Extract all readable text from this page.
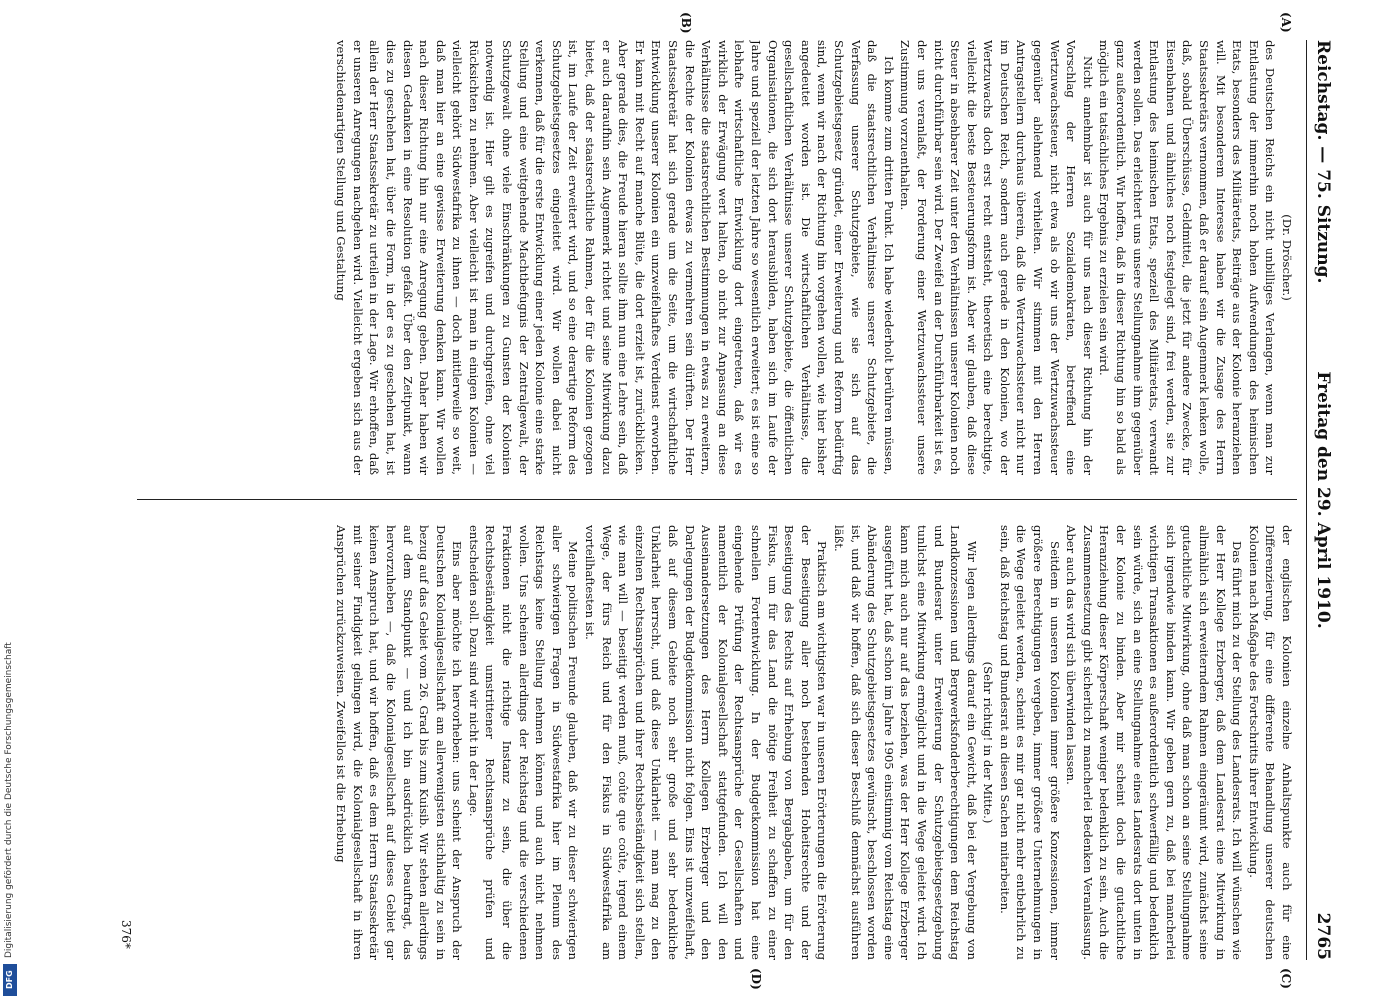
Reichstag. — 75. Sitzung.
Freitag den 29. April 1910.
2765
(A)
(B)
(C)
(D)

(Dr. Dröscher.)

des Deutschen Reichs ein nicht unbilliges Verlangen, wenn man zur Entlastung der immerhin noch hohen Aufwendungen des heimischen Etats, besonders des Militäretats, Beiträge aus der Kolonie heranziehen will. Mit besonderem Interesse haben wir die Zusage des Herrn Staatssekretärs vernommen, daß er darauf sein Augenmerk lenken wolle, daß, sobald Überschüsse, Geldmittel, die jetzt für andere Zwecke, für Eisenbahnen und ähnliches noch festgelegt sind, frei werden, sie zur Entlastung des heimischen Etats, speziell des Militäretats, verwandt werden sollen. Das erleichtert uns unsere Stellungnahme ihm gegenüber ganz außerordentlich. Wir hoffen, daß in dieser Richtung hin so bald als möglich ein tatsächliches Ergebnis zu erzielen sein wird.

Nicht annehmbar ist auch für uns nach dieser Richtung hin der Vorschlag der Herren Sozialdemokraten, betreffend eine Wertzuwachssteuer, nicht etwa als ob wir uns der Wertzuwachssteuer gegenüber ablehnend verhielten. Wir stimmen mit den Herren Antragstellern durchaus überein, daß die Wertzuwachssteuer nicht nur im Deutschen Reich, sondern auch gerade in den Kolonien, wo der Wertzuwachs doch erst recht entsteht, theoretisch eine berechtigte, vielleicht die beste Besteuerungsform ist. Aber wir glauben, daß diese Steuer in absehbarer Zeit unter den Verhältnissen unserer Kolonien noch nicht durchführbar sein wird. Der Zweifel an der Durchführbarkeit ist es, der uns veranlaßt, der Forderung einer Wertzuwachssteuer unsere Zustimmung vorzuenthalten.

Ich komme zum dritten Punkt. Ich habe wiederholt berühren müssen, daß die staatsrechtlichen Verhältnisse unserer Schutzgebiete, die Verfassung unserer Schutzgebiete, wie sie sich auf das Schutzgebietsgesetz gründet, einer Erweiterung und Reform bedürftig sind, wenn wir nach der Richtung hin vorgehen wollen, wie hier bisher angedeutet worden ist. Die wirtschaftlichen Verhältnisse, die gesellschaftlichen Verhältnisse unserer Schutzgebiete, die öffentlichen Organisationen, die sich dort herausbilden, haben sich im Laufe der Jahre und speziell der letzten Jahre so wesentlich erweitert; es ist eine so lebhafte wirtschaftliche Entwicklung dort eingetreten, daß wir es wirklich der Erwägung wert halten, ob nicht zur Anpassung an diese Verhältnisse die staatsrechtlichen Bestimmungen in etwas zu erweitern, die Rechte der Kolonien etwas zu vermehren sein dürften. Der Herr Staatssekretär hat sich gerade um die Seite, um die wirtschaftliche Entwicklung unserer Kolonien ein unzweifelhaftes Verdienst erworben. Er kann mit Recht auf manche Blüte, die dort erzielt ist, zurückblicken. Aber gerade dies, die Freude hieran sollte ihm nun eine Lehre sein, daß er auch daraufhin sein Augenmerk richtet und seine Mitwirkung dazu bietet, daß der staatsrechtliche Rahmen, der für die Kolonien gezogen ist, im Laufe der Zeit erweitert wird, und so eine derartige Reform des Schutzgebietsgesetzes eingeleitet wird. Wir wollen dabei nicht verkennen, daß für die erste Entwicklung einer jeden Kolonie eine starke Stellung und eine weitgehende Machtbefugnis der Zentralgewalt, der Schutzgewalt ohne viele Einschränkungen zu Gunsten der Kolonien notwendig ist. Hier gilt es zugreifen und durchgreifen, ohne viel Rücksichten zu nehmen. Aber vielleicht ist man in einigen Kolonien — vielleicht gehört Südwestafrika zu ihnen — doch mittlerweile so weit, daß man hier an eine gewisse Erweiterung denken kann. Wir wollen nach dieser Richtung hin nur eine Anregung geben. Daher haben wir diesen Gedanken in eine Resolution gefaßt. Über den Zeitpunkt, wann dies zu geschehen hat, über die Form, in der es zu geschehen hat, ist allein der Herr Staatssekretär zu urteilen in der Lage. Wir erhoffen, daß er unseren Anregungen nachgehen wird. Vielleicht ergeben sich aus der verschiedenartigen Stellung und Gestaltung

der englischen Kolonien einzelne Anhaltspunkte auch für eine Differenzierung, für eine differente Behandlung unserer deutschen Kolonien nach Maßgabe des Fortschritts ihrer Entwicklung.

Das führt mich zu der Stellung des Landesrats. Ich will wünschen wie der Herr Kollege Erzberger, daß dem Landesrat eine Mitwirkung in allmählich sich erweiterndem Rahmen eingeräumt wird, zunächst seine gutachtliche Mitwirkung, ohne daß man schon an seine Stellungnahme sich irgendwie binden kann. Wir geben gern zu, daß bei mancherlei wichtigen Transaktionen es außerordentlich schwerfällig und bedenklich sein würde, sich an eine Stellungnahme eines Landesrats dort unten in der Kolonie zu binden. Aber mir scheint doch die gutachtliche Heranziehung dieser Körperschaft weniger bedenklich zu sein. Auch die Zusammensetzung gibt sicherlich zu mancherlei Bedenken Veranlassung. Aber auch das wird sich überwinden lassen.

Seitdem in unseren Kolonien immer größere Konzessionen, immer größere Berechtigungen vergeben, immer größere Unternehmungen in die Wege geleitet werden, scheint es mir gar nicht mehr entbehrlich zu sein, daß Reichstag und Bundesrat an diesen Sachen mitarbeiten.

(Sehr richtig! in der Mitte.)

Wir legen allerdings darauf ein Gewicht, daß bei der Vergebung von Landkonzessionen und Bergwerksfonderberechtigungen dem Reichstag und Bundesrat unter Erweiterung der Schutzgebietsgesetzgebung tunlichst eine Mitwirkung ermöglicht und in die Wege geleitet wird. Ich kann mich auch nur auf das beziehen, was der Herr Kollege Erzberger ausgeführt hat, daß schon im Jahre 1905 einstimmig vom Reichstag eine Abänderung des Schutzgebietsgesetzes gewünscht, beschlossen worden ist, und daß wir hoffen, daß sich dieser Beschluß demnächst ausführen läßt.

Praktisch am wichtigsten war in unseren Erörterungen die Erörterung der Beseitigung aller noch bestehenden Hoheitsrechte und der Beseitigung des Rechts auf Erhebung von Bergabgaben, um für den Fiskus, um für das Land die nötige Freiheit zu schaffen zu einer schnellen Fortentwicklung. In der Budgetkommission hat eine eingehende Prüfung der Rechtsansprüche der Gesellschaften und namentlich der Kolonialgesellschaft stattgefunden. Ich will den Auseinandersetzungen des Herrn Kollegen Erzberger und den Darlegungen der Budgetkommission nicht folgen. Eins ist unzweifelhaft, daß auf diesem Gebiete noch sehr große und sehr bedenkliche Unklarheit herrscht, und daß diese Unklarheit — man mag zu den einzelnen Rechtsansprüchen und ihrer Rechtsbeständigkeit sich stellen, wie man will — beseitigt werden muß, coûte que coûte, irgend einem Wege, der fürs Reich und für den Fiskus in Südwestafrika am vorteilhaftesten ist.

Meine politischen Freunde glauben, daß wir zu dieser schwierigen aller schwierigen Fragen in Südwestafrika hier im Plenum des Reichstags keine Stellung nehmen können und auch nicht nehmen wollen. Uns scheinen allerdings der Reichstag und die verschiedenen Fraktionen nicht die richtige Instanz zu sein, die über die Rechtsbeständigkeit umstrittener Rechtsansprüche prüfen und entscheiden soll. Dazu sind wir nicht in der Lage.

Eins aber möchte ich hervorheben: uns scheint der Anspruch der Deutschen Kolonialgesellschaft am allerwenigsten stichhaltig zu sein in bezug auf das Gebiet vom 26. Grad bis zum Kuisib. Wir stehen allerdings auf dem Standpunkt — und ich bin ausdrücklich beauftragt, das hervorzuheben —, daß die Kolonialgesellschaft auf dieses Gebiet gar keinen Anspruch hat, und wir hoffen, daß es dem Herrn Staatssekretär mit seiner Findigkeit gelingen wird, die Kolonialgesellschaft in ihren Ansprüchen zurückzuweisen. Zweifellos ist die Erhebung

376*
Digitalisierung gefördert durch die Deutsche Forschungsgemeinschaft
DFG
